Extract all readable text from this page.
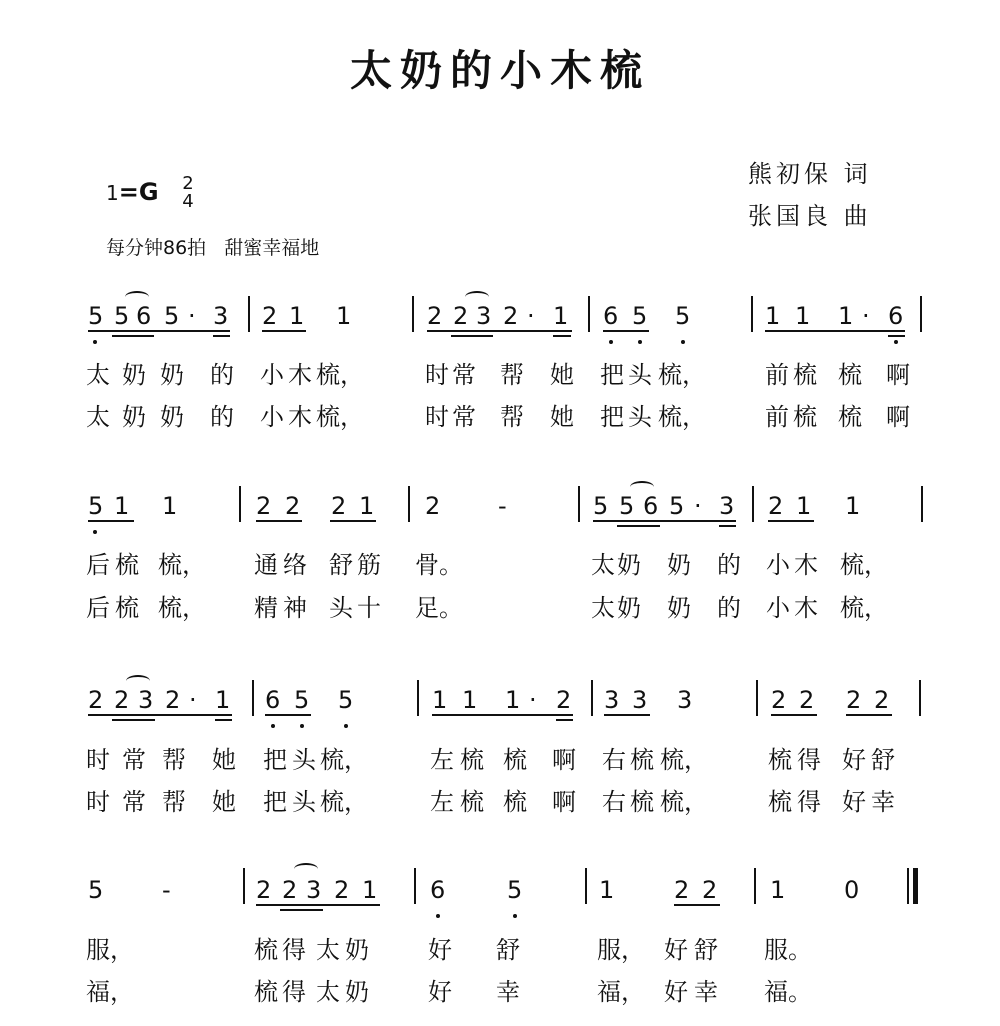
太奶的小木梳
熊初保 词
张国良 曲
1=G 2
4
每分钟86拍   甜蜜幸福地
5 5 6 5 · 3 2 1 1	2 2 3 2 · 1 6 5 5	1 1 1 · 6
太 奶 奶 的 小 木 梳，	时 常 帮 她 把 头 梳， 前 梳 梳 啊
太 奶 奶 的 小 木 梳，	时 常 帮 她 把 头 梳， 前 梳 梳 啊
5 1 1	2 2 2 1 2 -	5 5 6 5 · 3 2 1 1
后 梳 梳， 通 络 舒 筋 骨。	太 奶 奶 的 小 木 梳，
后 梳 梳， 精 神 头 十 足。	太 奶 奶 的 小 木 梳，
2 2 3 2 · 1 6 5 5	1 1 1 · 2 3 3 3	2 2 2 2
时 常 帮 她 把 头 梳，	左 梳 梳 啊 右 梳 梳，	梳 得 好 舒
时 常 帮 她 把 头 梳，	左 梳 梳 啊 右 梳 梳，	梳 得 好 幸
5 -	2 2 3 2 1 6	5	1 2 2 1 0
服，	梳 得 太 奶 好 舒	服， 好 舒 服。
福，	梳 得 太 奶 好 幸	福， 好 幸 福。
